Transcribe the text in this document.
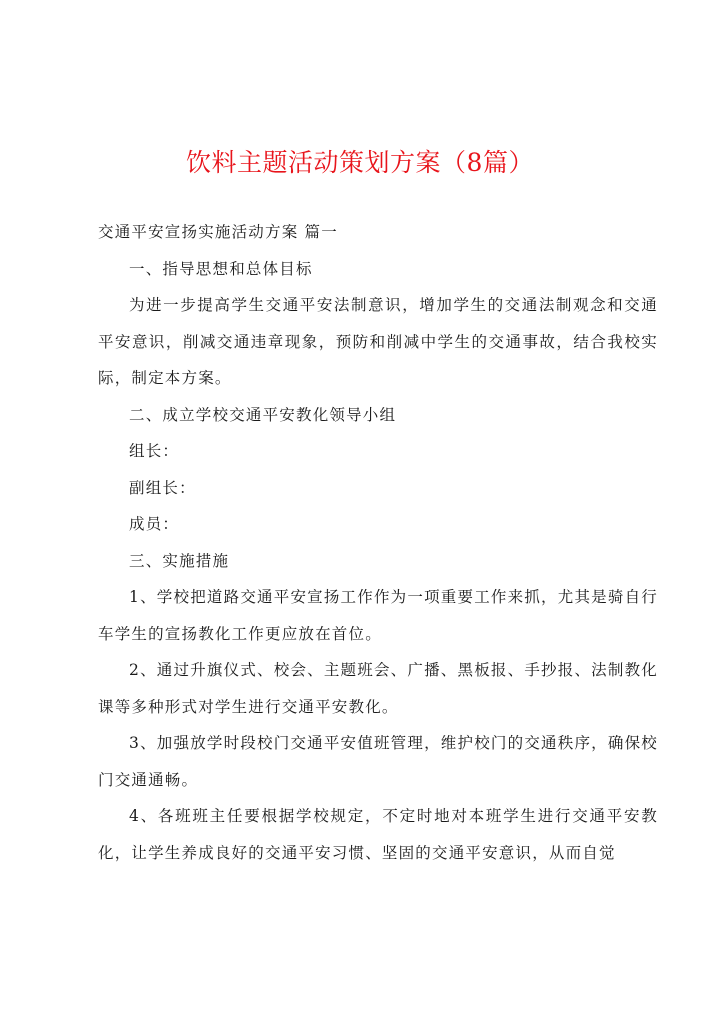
饮料主题活动策划方案（8篇）

交通平安宣扬实施活动方案 篇一

一、指导思想和总体目标

为进一步提高学生交通平安法制意识，增加学生的交通法制观念和交通平安意识，削减交通违章现象，预防和削减中学生的交通事故，结合我校实际，制定本方案。

二、成立学校交通平安教化领导小组

组长：

副组长：

成员：

三、实施措施

1、学校把道路交通平安宣扬工作作为一项重要工作来抓，尤其是骑自行车学生的宣扬教化工作更应放在首位。

2、通过升旗仪式、校会、主题班会、广播、黑板报、手抄报、法制教化课等多种形式对学生进行交通平安教化。

3、加强放学时段校门交通平安值班管理，维护校门的交通秩序，确保校门交通通畅。

4、各班班主任要根据学校规定，不定时地对本班学生进行交通平安教化，让学生养成良好的交通平安习惯、坚固的交通平安意识，从而自觉
